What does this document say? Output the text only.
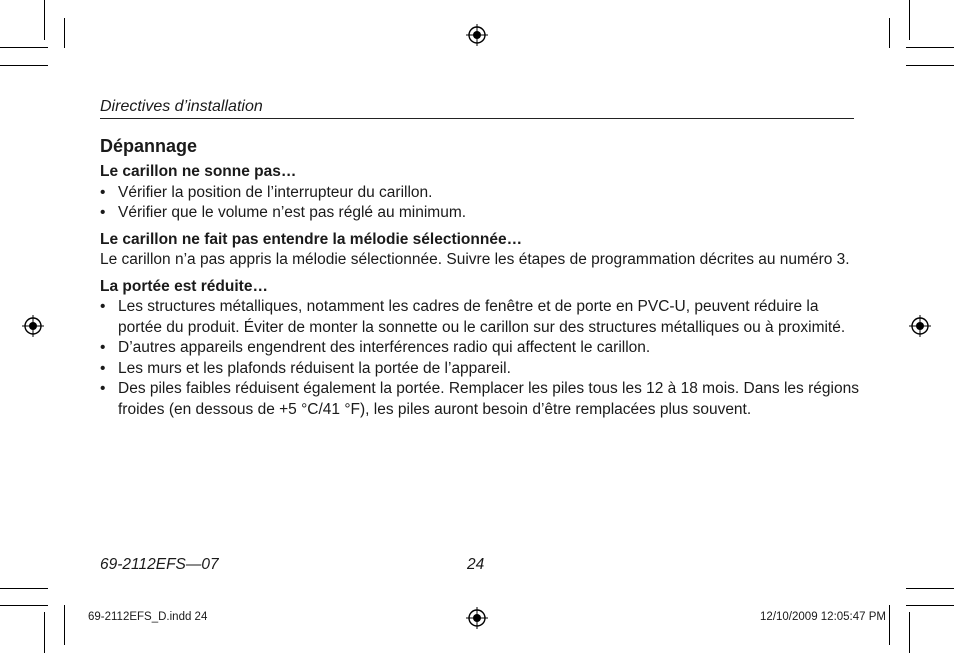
Directives d’installation
Dépannage
Le carillon ne sonne pas…
• Vérifier la position de l’interrupteur du carillon.
• Vérifier que le volume n’est pas réglé au minimum.
Le carillon ne fait pas entendre la mélodie sélectionnée…

Le carillon n’a pas appris la mélodie sélectionnée. Suivre les étapes de programmation décrites au numéro 3.

La portée est réduite…
• Les structures métalliques, notamment les cadres de fenêtre et de porte en PVC-U, peuvent réduire la portée du produit. Éviter de monter la sonnette ou le carillon sur des structures métalliques ou à proximité.
• D’autres appareils engendrent des interférences radio qui affectent le carillon.
• Les murs et les plafonds réduisent la portée de l’appareil.
• Des piles faibles réduisent également la portée. Remplacer les piles tous les 12 à 18 mois. Dans les régions froides (en dessous de +5 °C/41 °F), les piles auront besoin d’être remplacées plus souvent.
69-2112EFS—07	24
69-2112EFS_D.indd 24	12/10/2009 12:05:47 PM
